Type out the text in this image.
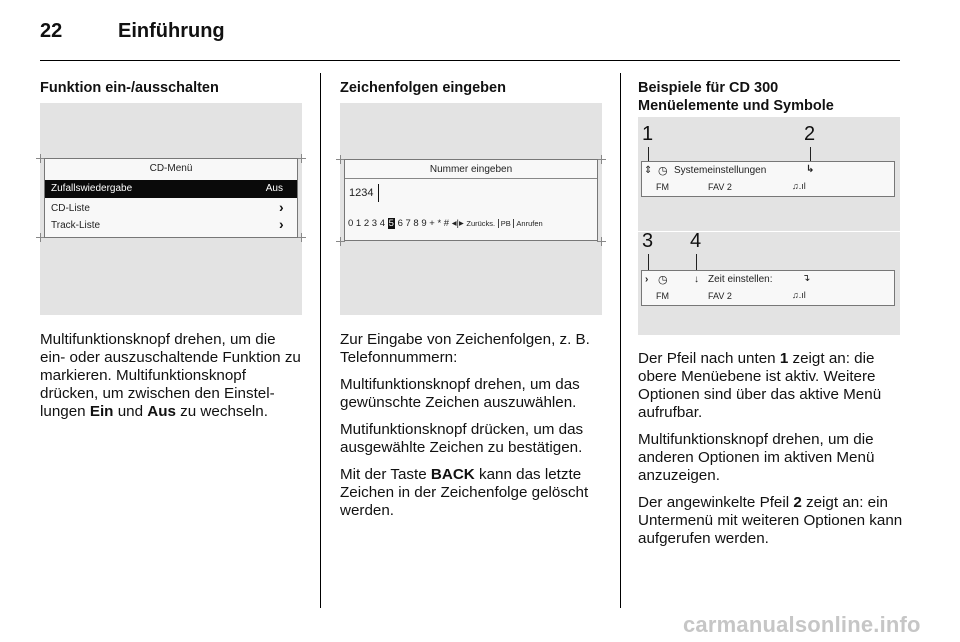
22	Einführung
Funktion ein-/ausschalten
CD-Menü
Zufallswiedergabe	Aus
CD-Liste	›
Track-Liste	›

Multifunktionsknopf drehen, um die ein- oder auszuschaltende Funktion zu markieren. Multifunktionsknopf drücken, um zwischen den Einstellungen Ein und Aus zu wechseln.

Zeichenfolgen eingeben
Nummer eingeben
1234
0 1 2 3 4 5 6 7 8 9 + * # ◂|▸ Zurücks. PB Anrufen

Zur Eingabe von Zeichenfolgen, z. B. Telefonnummern:

Multifunktionsknopf drehen, um das gewünschte Zeichen auszuwählen.

Mutifunktionsknopf drücken, um das ausgewählte Zeichen zu bestätigen.

Mit der Taste BACK kann das letzte Zeichen in der Zeichenfolge gelöscht werden.

Beispiele für CD 300
Menüelemente und Symbole
1	2
⇕ ◷ Systemeinstellungen	↳
FM	FAV 2	♫.ıl
3 4
› ◷	↓ Zeit einstellen:	↴
FM	FAV 2	♫.ıl

Der Pfeil nach unten 1 zeigt an: die obere Menüebene ist aktiv. Weitere Optionen sind über das aktive Menü aufrufbar.

Multifunktionsknopf drehen, um die anderen Optionen im aktiven Menü anzuzeigen.

Der angewinkelte Pfeil 2 zeigt an: ein Untermenü mit weiteren Optionen kann aufgerufen werden.

carmanualsonline.info
